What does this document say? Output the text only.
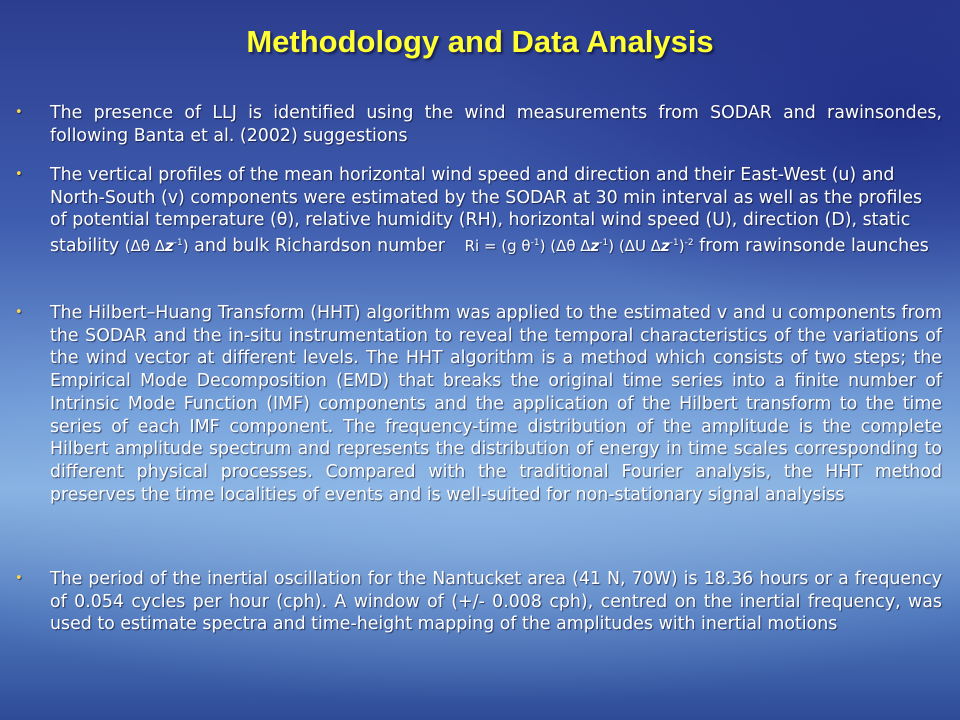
Methodology and Data Analysis
• The presence of LLJ is identified using the wind measurements from SODAR and rawinsondes, following Banta et al. (2002) suggestions
• The vertical profiles of the mean horizontal wind speed and direction and their East-West (u) and North-South (v) components were estimated by the SODAR at 30 min interval as well as the profiles of potential temperature (θ), relative humidity (RH), horizontal wind speed (U), direction (D), static stability (Δθ $\Delta z^{-1}$) and bulk Richardson number Ri = (g $\theta^{-1}$) (Δθ $\Delta z^{-1}$) (ΔU $\Delta z^{-1})^{-2}$ from rawinsonde launches
• The Hilbert–Huang Transform (HHT) algorithm was applied to the estimated v and u components from the SODAR and the in-situ instrumentation to reveal the temporal characteristics of the variations of the wind vector at different levels. The HHT algorithm is a method which consists of two steps; the Empirical Mode Decomposition (EMD) that breaks the original time series into a finite number of Intrinsic Mode Function (IMF) components and the application of the Hilbert transform to the time series of each IMF component. The frequency-time distribution of the amplitude is the complete Hilbert amplitude spectrum and represents the distribution of energy in time scales corresponding to different physical processes. Compared with the traditional Fourier analysis, the HHT method preserves the time localities of events and is well-suited for non-stationary signal analysiss
• The period of the inertial oscillation for the Nantucket area (41 N, 70W) is 18.36 hours or a frequency of 0.054 cycles per hour (cph). A window of (+/- 0.008 cph), centred on the inertial frequency, was used to estimate spectra and time-height mapping of the amplitudes with inertial motions
